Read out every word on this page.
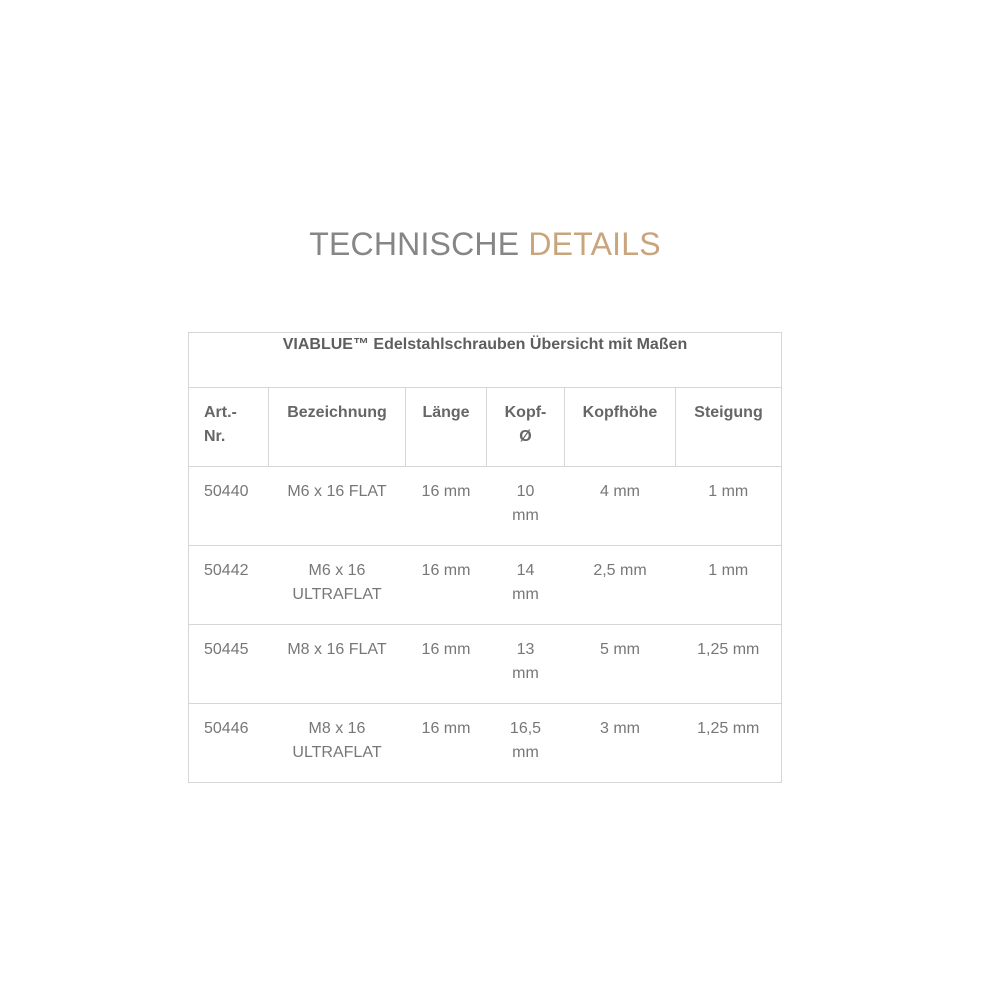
TECHNISCHE DETAILS
VIABLUE™ Edelstahlschrauben Übersicht mit Maßen					
Art.-Nr.	Bezeichnung	Länge	Kopf-Ø	Kopfhöhe	Steigung
50440	M6 x 16 FLAT	16 mm	10 mm	4 mm	1 mm
50442	M6 x 16 ULTRAFLAT	16 mm	14 mm	2,5 mm	1 mm
50445	M8 x 16 FLAT	16 mm	13 mm	5 mm	1,25 mm
50446	M8 x 16 ULTRAFLAT	16 mm	16,5 mm	3 mm	1,25 mm
